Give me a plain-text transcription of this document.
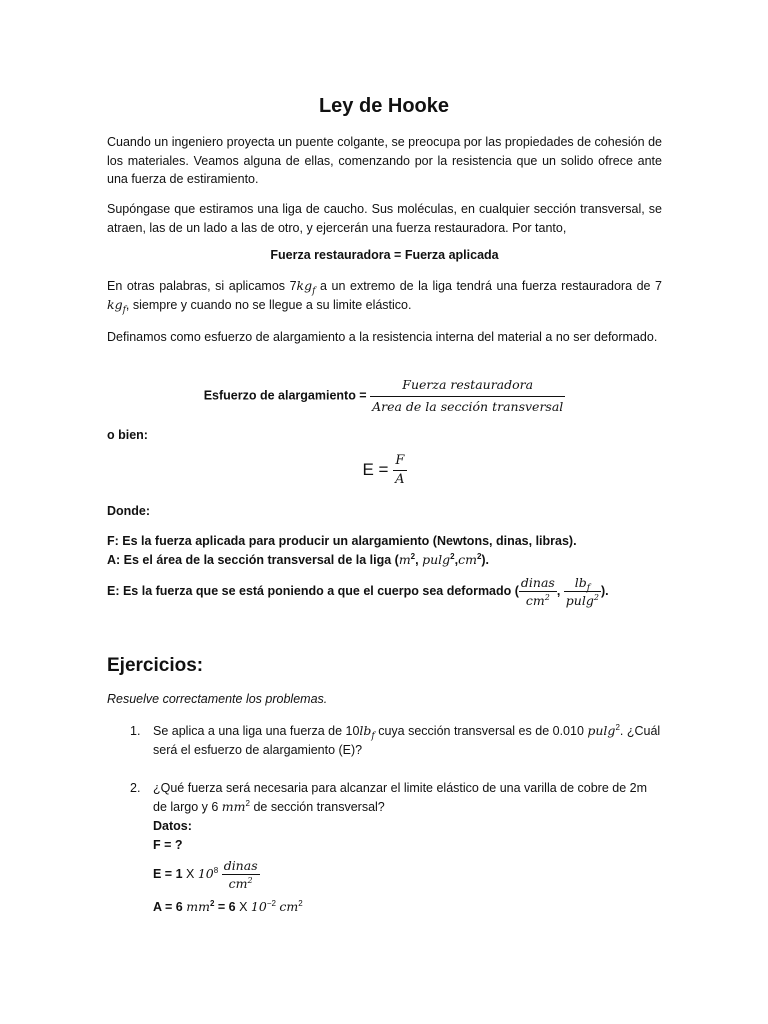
Ley de Hooke
Cuando un ingeniero proyecta un puente colgante, se preocupa por las propiedades de cohesión de los materiales. Veamos alguna de ellas, comenzando por la resistencia que un solido ofrece ante una fuerza de estiramiento.
Supóngase que estiramos una liga de caucho. Sus moléculas, en cualquier sección transversal, se atraen, las de un lado a las de otro, y ejercerán una fuerza restauradora. Por tanto,
Fuerza restauradora = Fuerza aplicada
En otras palabras, si aplicamos $7kg_f$ a un extremo de la liga tendrá una fuerza restauradora de 7 $kg_f$, siempre y cuando no se llegue a su limite elástico.
Definamos como esfuerzo de alargamiento a la resistencia interna del material a no ser deformado.
Esfuerzo de alargamiento = $\frac{\text{Fuerza restauradora}}{\text{Area de la sección transversal}}$
o bien:
$E = \frac{F}{A}$
Donde:
F: Es la fuerza aplicada para producir un alargamiento (Newtons, dinas, libras).
A: Es el área de la sección transversal de la liga ($m^2$, $pulg^2,cm^2$).
E: Es la fuerza que se está poniendo a que el cuerpo sea deformado ( $\frac{\text{dinas}}{cm^2}$ , $\frac{lb_f}{pulg^2}$ ).
Ejercicios:
Resuelve correctamente los problemas.
1. Se aplica a una liga una fuerza de $10lb_f$ cuya sección transversal es de 0.010 pulg$^2$. ¿Cuál será el esfuerzo de alargamiento (E)?
2. ¿Qué fuerza será necesaria para alcanzar el limite elástico de una varilla de cobre de 2m de largo y 6 $mm^2$ de sección transversal?
Datos:
F = ?
E = 1 X $10^8 \frac{\text{dinas}}{cm^2}$
A = 6 $mm^2 = 6$ X $10^{-2}$ $cm^2$
